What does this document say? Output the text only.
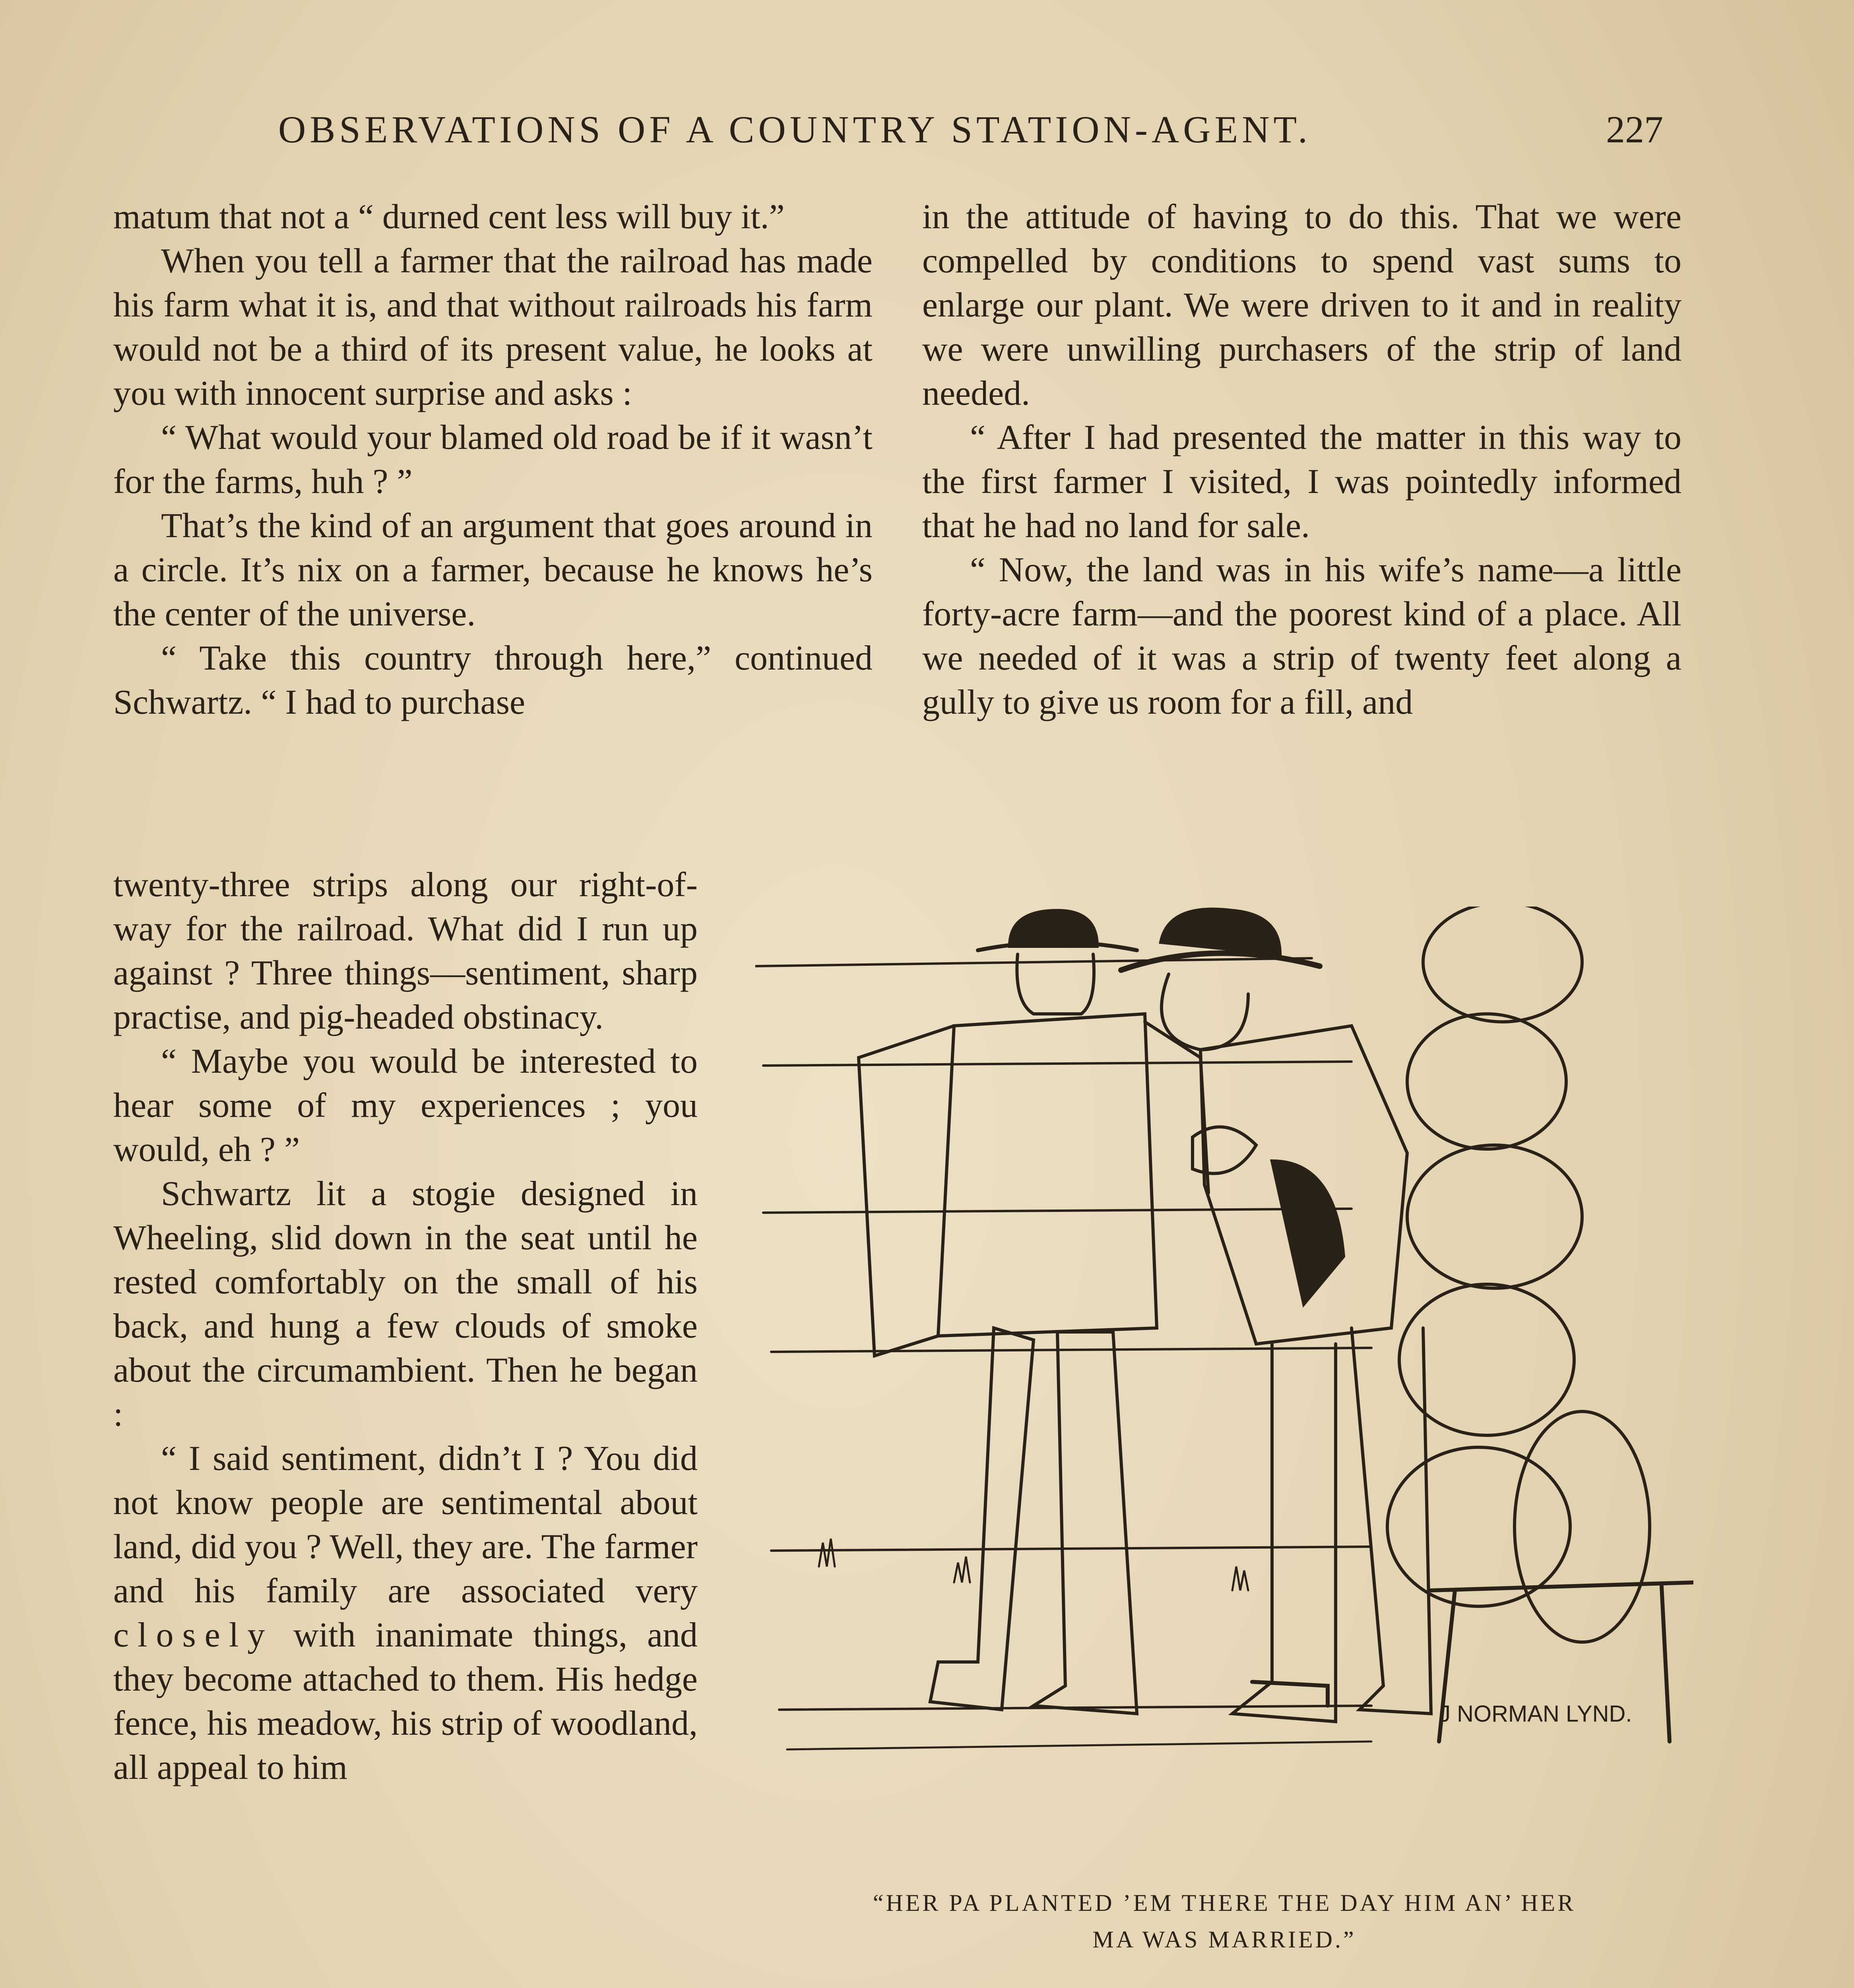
OBSERVATIONS OF A COUNTRY STATION-AGENT.	227

matum that not a “ durned cent less will buy it.”

When you tell a farmer that the railroad has made his farm what it is, and that without railroads his farm would not be a third of its present value, he looks at you with innocent surprise and asks :

“ What would your blamed old road be if it wasn’t for the farms, huh ? ”

That’s the kind of an argument that goes around in a circle. It’s nix on a farmer, because he knows he’s the center of the universe.

“ Take this country through here,” continued Schwartz. “ I had to purchase

twenty-three strips along our right-of-way for the railroad. What did I run up against ? Three things—sentiment, sharp practise, and pig-headed obstinacy.

“ Maybe you would be interested to hear some of my experiences ; you would, eh ? ”

Schwartz lit a stogie designed in Wheeling, slid down in the seat until he rested comfortably on the small of his back, and hung a few clouds of smoke about the circumambient. Then he began :

“ I said sentiment, didn’t I ? You did not know people are sentimental about land, did you ? Well, they are. The farmer and his family are associated very closely with inanimate things, and they become attached to them. His hedge fence, his meadow, his strip of woodland, all appeal to him

in the attitude of having to do this. That we were compelled by conditions to spend vast sums to enlarge our plant. We were driven to it and in reality we were unwilling purchasers of the strip of land needed.

“ After I had presented the matter in this way to the first farmer I visited, I was pointedly informed that he had no land for sale.

“ Now, the land was in his wife’s name—a little forty-acre farm—and the poorest kind of a place. All we needed of it was a strip of twenty feet along a gully to give us room for a fill, and

J NORMAN LYND.
“HER PA PLANTED ’EM THERE THE DAY HIM AN’ HER
MA WAS MARRIED.”
